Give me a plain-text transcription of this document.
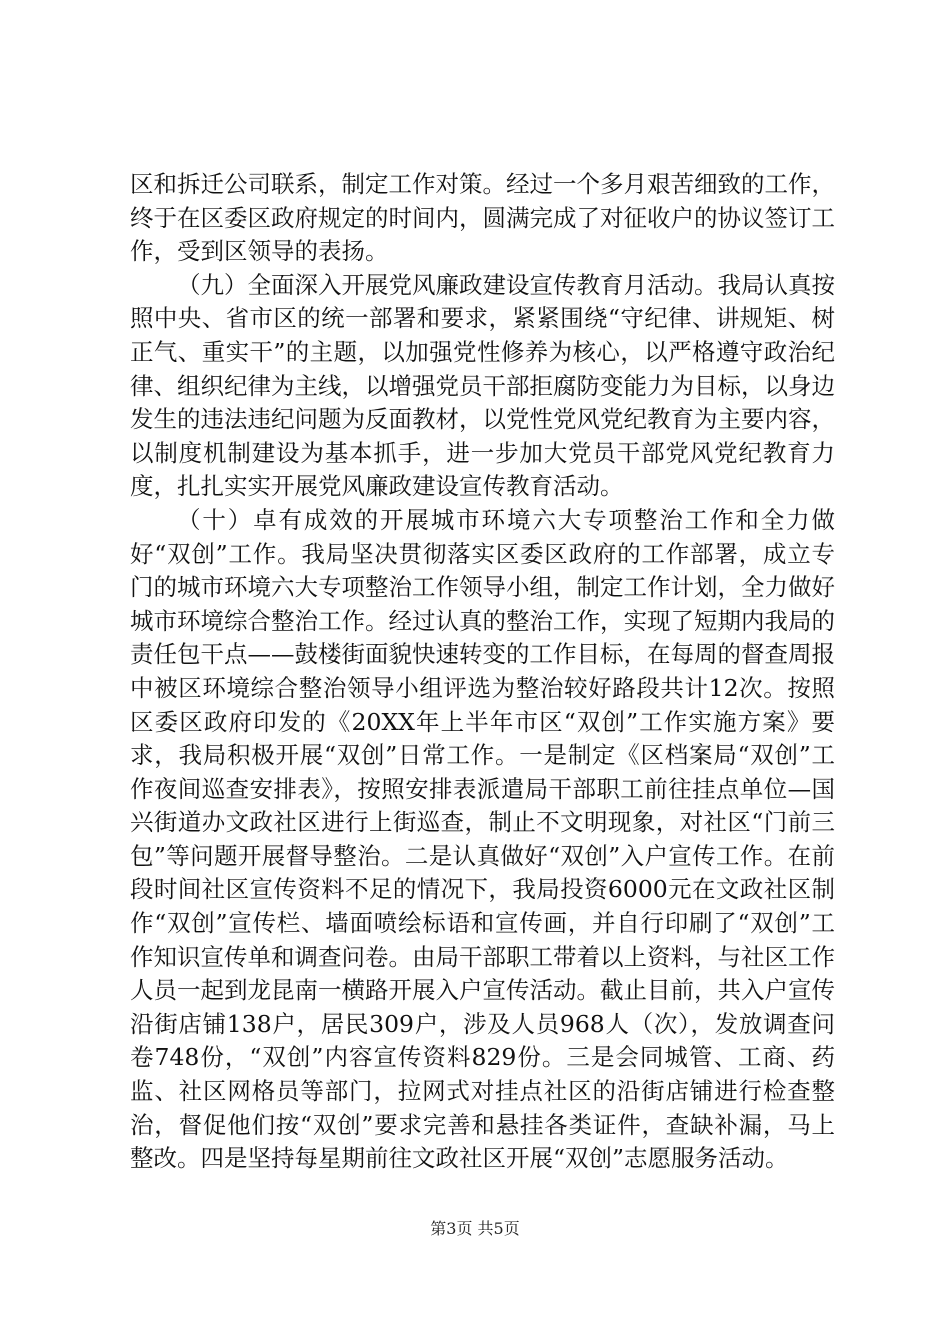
区和拆迁公司联系，制定工作对策。经过一个多月艰苦细致的工作，终于在区委区政府规定的时间内，圆满完成了对征收户的协议签订工作，受到区领导的表扬。

（九）全面深入开展党风廉政建设宣传教育月活动。我局认真按照中央、省市区的统一部署和要求，紧紧围绕“守纪律、讲规矩、树正气、重实干”的主题，以加强党性修养为核心，以严格遵守政治纪律、组织纪律为主线，以增强党员干部拒腐防变能力为目标，以身边发生的违法违纪问题为反面教材，以党性党风党纪教育为主要内容，以制度机制建设为基本抓手，进一步加大党员干部党风党纪教育力度，扎扎实实开展党风廉政建设宣传教育活动。

（十）卓有成效的开展城市环境六大专项整治工作和全力做好“双创”工作。我局坚决贯彻落实区委区政府的工作部署，成立专门的城市环境六大专项整治工作领导小组，制定工作计划，全力做好城市环境综合整治工作。经过认真的整治工作，实现了短期内我局的责任包干点——鼓楼街面貌快速转变的工作目标，在每周的督查周报中被区环境综合整治领导小组评选为整治较好路段共计12次。按照区委区政府印发的《20XX年上半年市区“双创”工作实施方案》要求，我局积极开展“双创”日常工作。一是制定《区档案局“双创”工作夜间巡查安排表》，按照安排表派遣局干部职工前往挂点单位—国兴街道办文政社区进行上街巡查，制止不文明现象，对社区“门前三包”等问题开展督导整治。二是认真做好“双创”入户宣传工作。在前段时间社区宣传资料不足的情况下，我局投资6000元在文政社区制作“双创”宣传栏、墙面喷绘标语和宣传画，并自行印刷了“双创”工作知识宣传单和调查问卷。由局干部职工带着以上资料，与社区工作人员一起到龙昆南一横路开展入户宣传活动。截止目前，共入户宣传沿街店铺138户，居民309户，涉及人员968人（次），发放调查问卷748份，“双创”内容宣传资料829份。三是会同城管、工商、药监、社区网格员等部门，拉网式对挂点社区的沿街店铺进行检查整治，督促他们按“双创”要求完善和悬挂各类证件，查缺补漏，马上整改。四是坚持每星期前往文政社区开展“双创”志愿服务活动。

第3页 共5页
